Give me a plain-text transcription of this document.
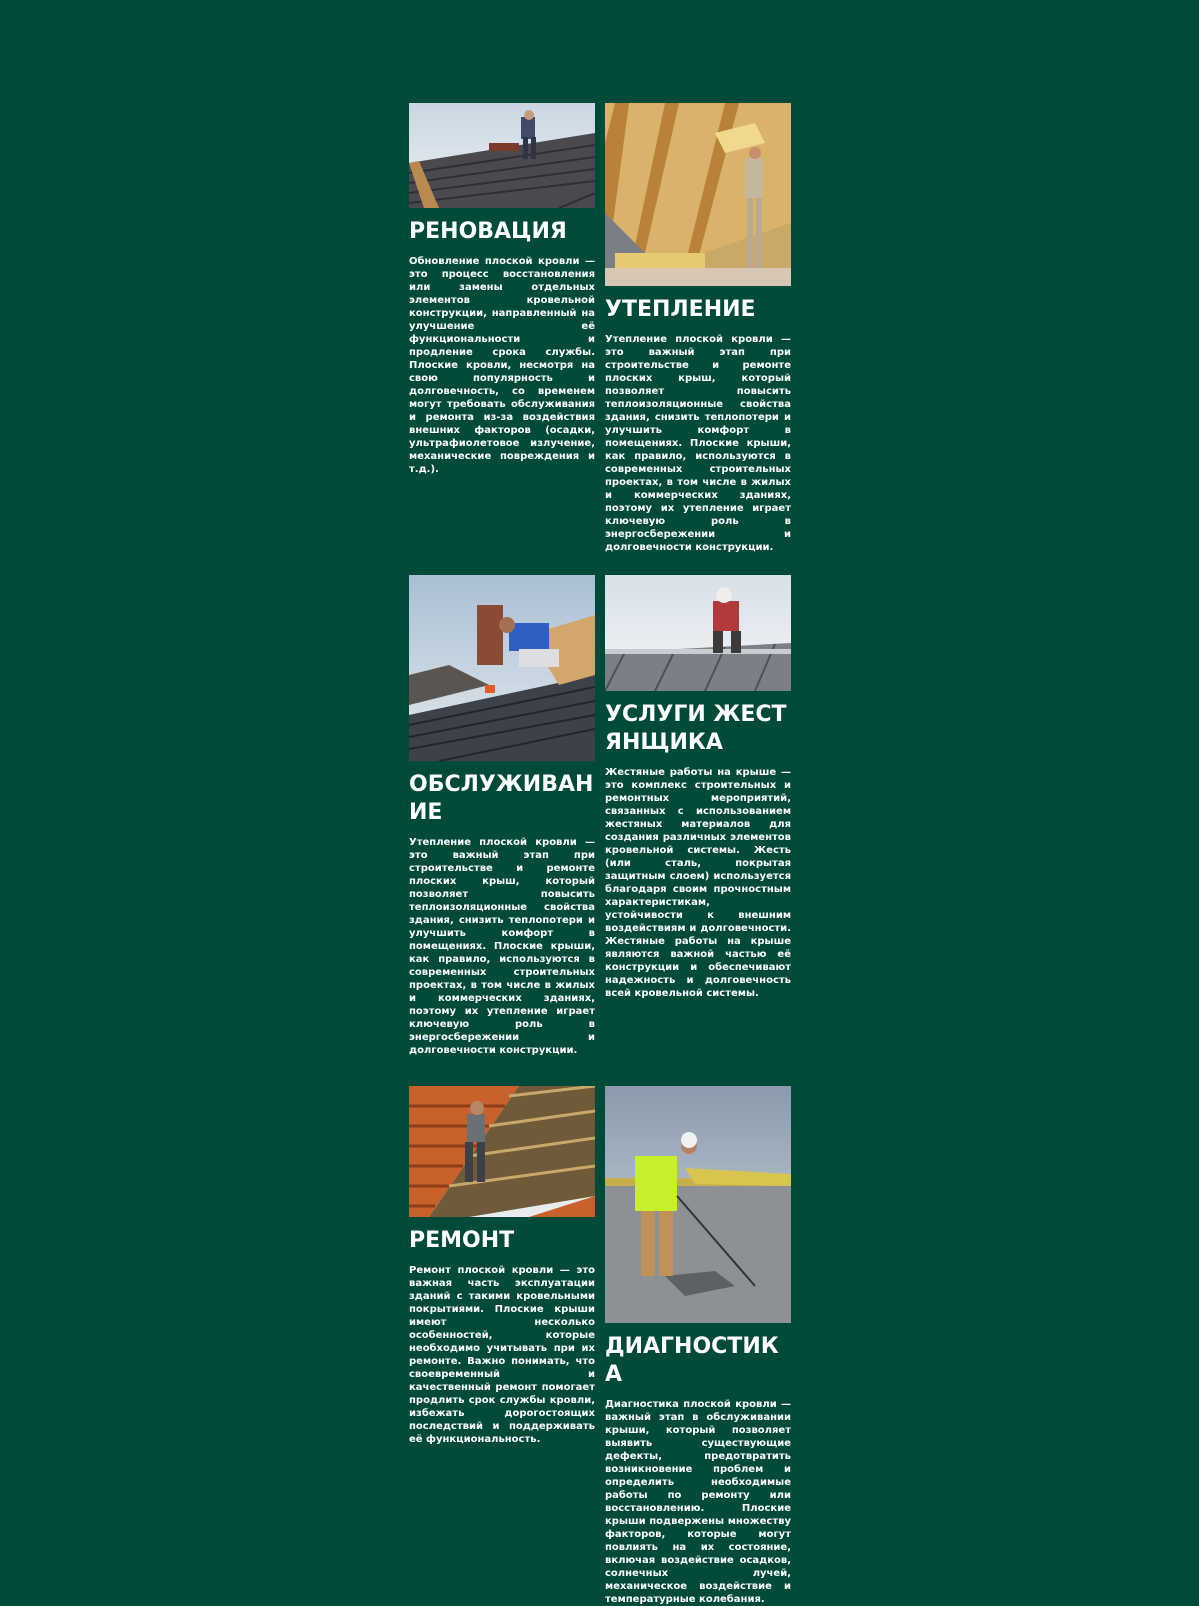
РЕНОВАЦИЯ

Обновление плоской кровли — это процесс восстановления или замены отдельных элементов кровельной конструкции, направленный на улучшение её функциональности и продление срока службы. Плоские кровли, несмотря на свою популярность и долговечность, со временем могут требовать обслуживания и ремонта из-за воздействия внешних факторов (осадки, ультрафиолетовое излучение, механические повреждения и т.д.).

УТЕПЛЕНИЕ

Утепление плоской кровли — это важный этап при строительстве и ремонте плоских крыш, который позволяет повысить теплоизоляционные свойства здания, снизить теплопотери и улучшить комфорт в помещениях. Плоские крыши, как правило, используются в современных строительных проектах, в том числе в жилых и коммерческих зданиях, поэтому их утепление играет ключевую роль в энергосбережении и долговечности конструкции.

ОБСЛУЖИВАНИЕ

Утепление плоской кровли — это важный этап при строительстве и ремонте плоских крыш, который позволяет повысить теплоизоляционные свойства здания, снизить теплопотери и улучшить комфорт в помещениях. Плоские крыши, как правило, используются в современных строительных проектах, в том числе в жилых и коммерческих зданиях, поэтому их утепление играет ключевую роль в энергосбережении и долговечности конструкции.

УСЛУГИ ЖЕСТЯНЩИКА

Жестяные работы на крыше — это комплекс строительных и ремонтных мероприятий, связанных с использованием жестяных материалов для создания различных элементов кровельной системы. Жесть (или сталь, покрытая защитным слоем) используется благодаря своим прочностным характеристикам, устойчивости к внешним воздействиям и долговечности. Жестяные работы на крыше являются важной частью её конструкции и обеспечивают надежность и долговечность всей кровельной системы.

РЕМОНТ

Ремонт плоской кровли — это важная часть эксплуатации зданий с такими кровельными покрытиями. Плоские крыши имеют несколько особенностей, которые необходимо учитывать при их ремонте. Важно понимать, что своевременный и качественный ремонт помогает продлить срок службы кровли, избежать дорогостоящих последствий и поддерживать её функциональность.

ДИАГНОСТИКА

Диагностика плоской кровли — важный этап в обслуживании крыши, который позволяет выявить существующие дефекты, предотвратить возникновение проблем и определить необходимые работы по ремонту или восстановлению. Плоские крыши подвержены множеству факторов, которые могут повлиять на их состояние, включая воздействие осадков, солнечных лучей, механическое воздействие и температурные колебания.
